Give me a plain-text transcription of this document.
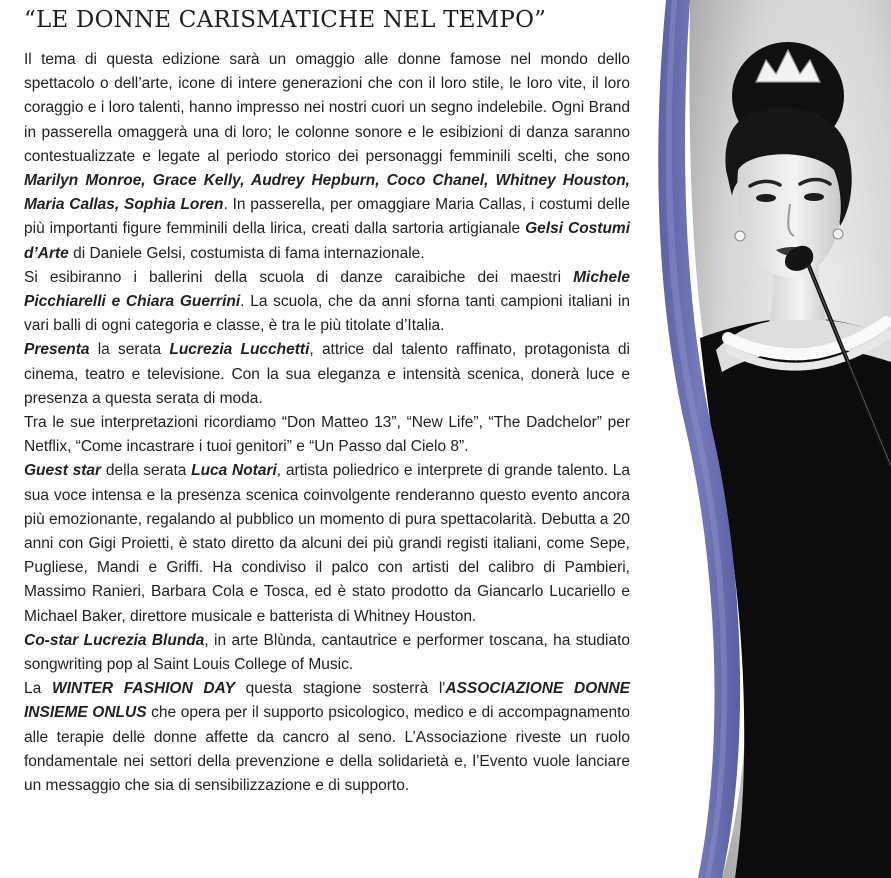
“LE DONNE CARISMATICHE NEL TEMPO”

Il tema di questa edizione sarà un omaggio alle donne famose nel mondo dello spettacolo o dell’arte, icone di intere generazioni che con il loro stile, le loro vite, il loro coraggio e i loro talenti, hanno impresso nei nostri cuori un segno indelebile. Ogni Brand in passerella omaggerà una di loro; le colonne sonore e le esibizioni di danza saranno contestualizzate e legate al periodo storico dei personaggi femminili scelti, che sono Marilyn Monroe, Grace Kelly, Audrey Hepburn, Coco Chanel, Whitney Houston, Maria Callas, Sophia Loren. In passerella, per omaggiare Maria Callas, i costumi delle più importanti figure femminili della lirica, creati dalla sartoria artigianale Gelsi Costumi d’Arte di Daniele Gelsi, costumista di fama internazionale.

Si esibiranno i ballerini della scuola di danze caraibiche dei maestri Michele Picchiarelli e Chiara Guerrini. La scuola, che da anni sforna tanti campioni italiani in vari balli di ogni categoria e classe, è tra le più titolate d’Italia.

Presenta la serata Lucrezia Lucchetti, attrice dal talento raffinato, protagonista di cinema, teatro e televisione. Con la sua eleganza e intensità scenica, donerà luce e presenza a questa serata di moda.

Tra le sue interpretazioni ricordiamo “Don Matteo 13”, “New Life”, “The Dadchelor” per Netflix, “Come incastrare i tuoi genitori” e “Un Passo dal Cielo 8”.

Guest star della serata Luca Notari, artista poliedrico e interprete di grande talento. La sua voce intensa e la presenza scenica coinvolgente renderanno questo evento ancora più emozionante, regalando al pubblico un momento di pura spettacolarità. Debutta a 20 anni con Gigi Proietti, è stato diretto da alcuni dei più grandi registi italiani, come Sepe, Pugliese, Mandi e Griffi. Ha condiviso il palco con artisti del calibro di Pambieri, Massimo Ranieri, Barbara Cola e Tosca, ed è stato prodotto da Giancarlo Lucariello e Michael Baker, direttore musicale e batterista di Whitney Houston.

Co-star Lucrezia Blunda, in arte Blùnda, cantautrice e performer toscana, ha studiato songwriting pop al Saint Louis College of Music.

La WINTER FASHION DAY questa stagione sosterrà l'ASSOCIAZIONE DONNE INSIEME ONLUS che opera per il supporto psicologico, medico e di accompagnamento alle terapie delle donne affette da cancro al seno. L’Associazione riveste un ruolo fondamentale nei settori della prevenzione e della solidarietà e, l’Evento vuole lanciare un messaggio che sia di sensibilizzazione e di supporto.
